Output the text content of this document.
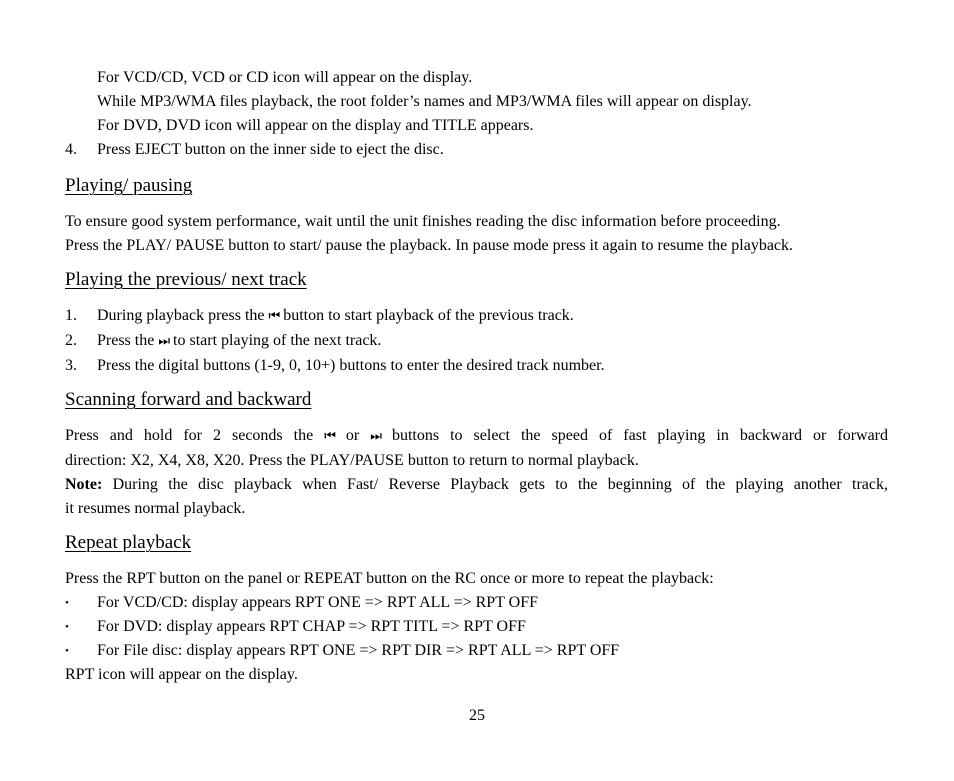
For VCD/CD, VCD or CD icon will appear on the display.
While MP3/WMA files playback, the root folder’s names and MP3/WMA files will appear on display.
For DVD, DVD icon will appear on the display and TITLE appears.
4. Press EJECT button on the inner side to eject the disc.
Playing/ pausing
To ensure good system performance, wait until the unit finishes reading the disc information before proceeding.
Press the PLAY/ PAUSE button to start/ pause the playback. In pause mode press it again to resume the playback.
Playing the previous/ next track
1. During playback press the ⏮ button to start playback of the previous track.
2. Press the ⏭ to start playing of the next track.
3. Press the digital buttons (1-9, 0, 10+) buttons to enter the desired track number.
Scanning forward and backward
Press and hold for 2 seconds the ⏮ or ⏭ buttons to select the speed of fast playing in backward or forward
direction: X2, X4, X8, X20. Press the PLAY/PAUSE button to return to normal playback.
Note: During the disc playback when Fast/ Reverse Playback gets to the beginning of the playing another track,
it resumes normal playback.
Repeat playback
Press the RPT button on the panel or REPEAT button on the RC once or more to repeat the playback:
• For VCD/CD: display appears RPT ONE => RPT ALL => RPT OFF
• For DVD: display appears RPT CHAP => RPT TITL => RPT OFF
• For File disc: display appears RPT ONE => RPT DIR => RPT ALL => RPT OFF
RPT icon will appear on the display.
25
